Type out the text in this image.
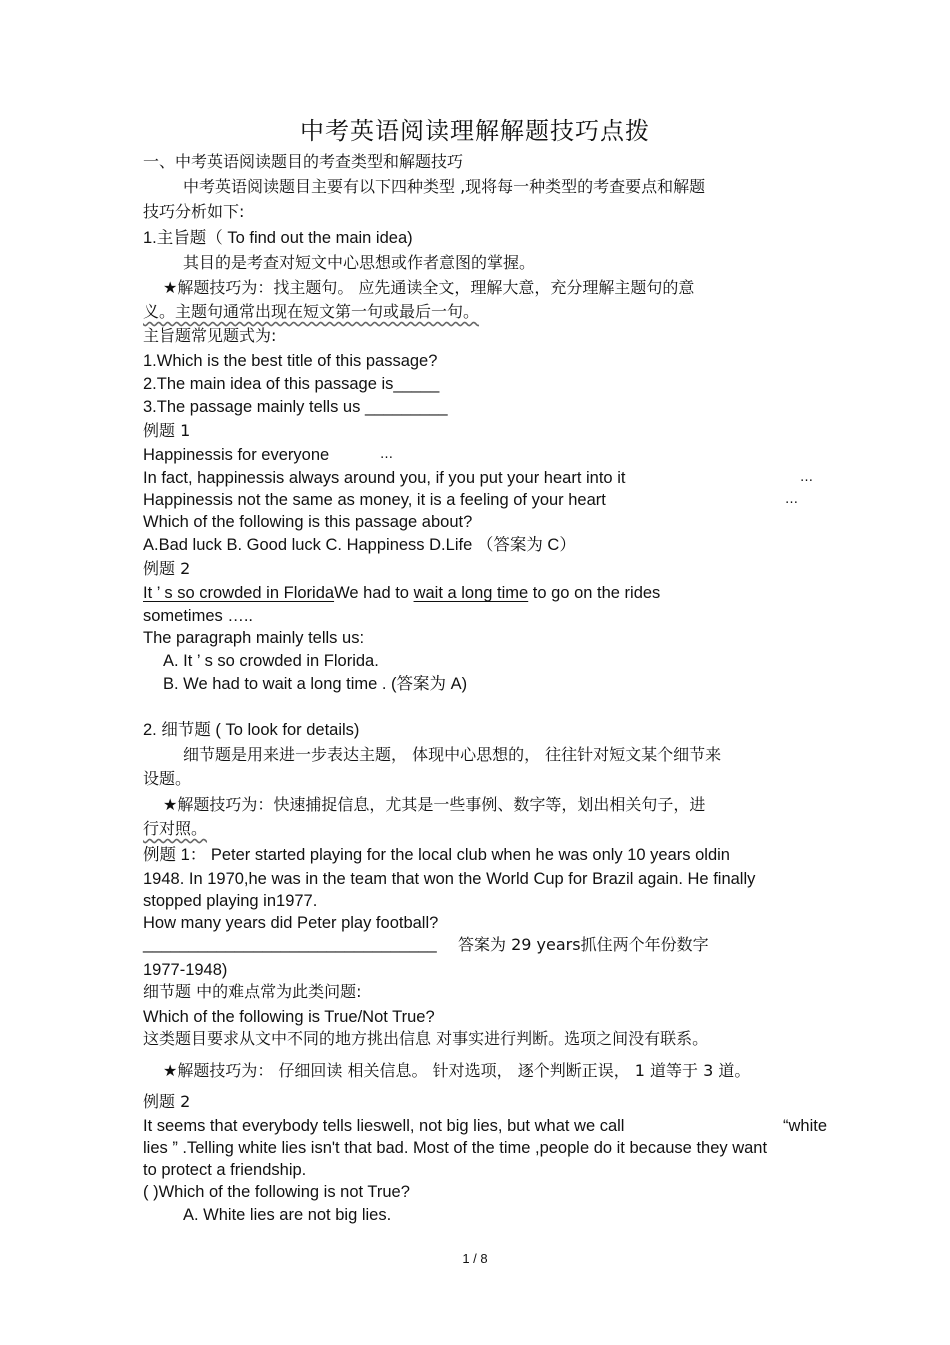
中考英语阅读理解解题技巧点拨
一、中考英语阅读题目的考查类型和解题技巧
中考英语阅读题目主要有以下四种类型 ,现将每一种类型的考查要点和解题
技巧分析如下:
1.主旨题（ To find out the main idea)
其目的是考查对短文中心思想或作者意图的掌握。
★解题技巧为：找主题句。 应先通读全文，理解大意，充分理解主题句的意
义。主题句通常出现在短文第一句或最后一句。
主旨题常见题式为:
1.Which is the best title of this passage?
2.The main idea of this passage is_____
3.The passage mainly tells us _________
例题 1
Happinessis for everyone	…
In fact, happinessis always around you, if you put your heart into it	…
Happinessis not the same as money, it is a feeling of your heart	…
Which of the following is this passage about?
A.Bad luck B. Good luck C. Happiness D.Life （答案为 C）
例题 2
It ’ s so crowded in FloridaWe had to wait a long time to go on the rides
sometimes …..
The paragraph mainly tells us:
A. It ’ s so crowded in Florida.
B. We had to wait a long time . (答案为 A)
2. 细节题 ( To look for details)
细节题是用来进一步表达主题， 体现中心思想的， 往往针对短文某个细节来
设题。
★解题技巧为：快速捕捉信息，尤其是一些事例、数字等，划出相关句子，进
行对照。
例题 1： Peter started playing for the local club when he was only 10 years oldin
1948. In 1970,he was in the team that won the World Cup for Brazil again. He finally
stopped playing in1977.
How many years did Peter play football?
________________________________ 答案为 29 years抓住两个年份数字
1977-1948)
细节题 中的难点常为此类问题:
Which of the following is True/Not True?
这类题目要求从文中不同的地方挑出信息 对事实进行判断。选项之间没有联系。
★解题技巧为： 仔细回读 相关信息。 针对选项， 逐个判断正误， 1 道等于 3 道。
例题 2
It seems that everybody tells lieswell, not big lies, but what we call	“white
lies ” .Telling white lies isn't that bad. Most of the time ,people do it because they want
to protect a friendship.
( )Which of the following is not True?
A. White lies are not big lies.
1 / 8
